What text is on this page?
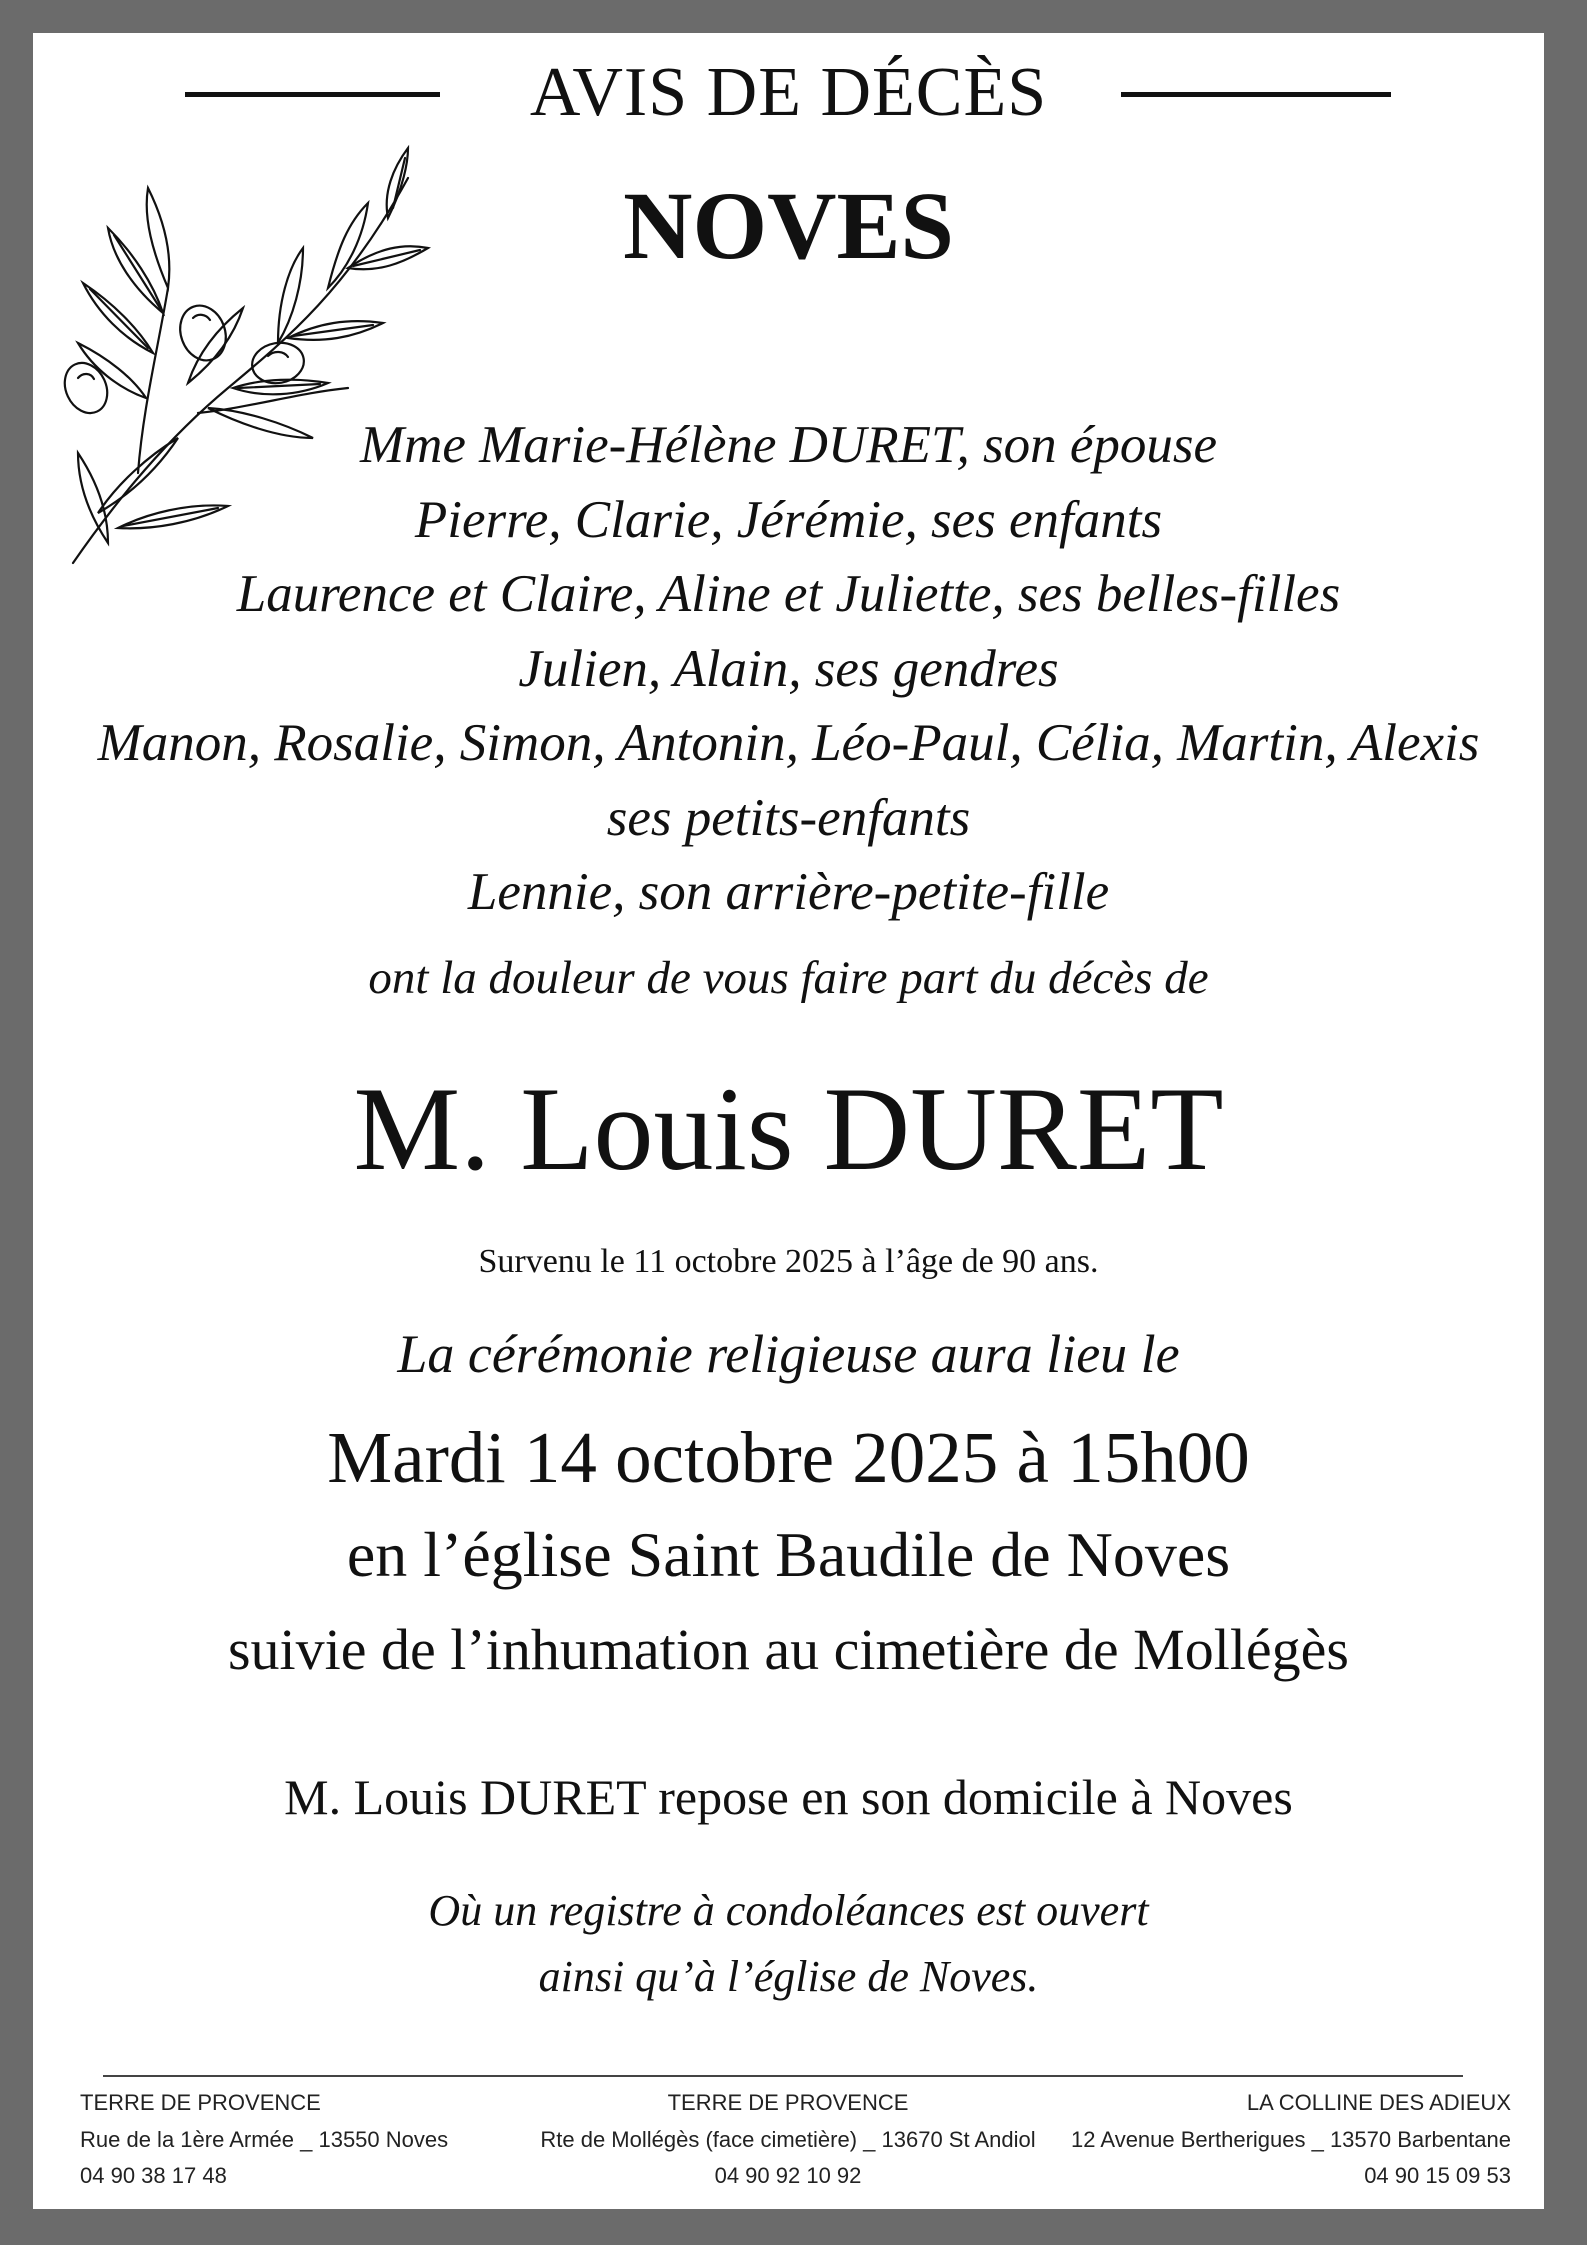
AVIS DE DÉCÈS
NOVES
Mme Marie-Hélène DURET, son épouse
Pierre, Clarie, Jérémie, ses enfants
Laurence et Claire, Aline et Juliette, ses belles-filles
Julien, Alain, ses gendres
Manon, Rosalie, Simon, Antonin, Léo-Paul, Célia, Martin, Alexis
ses petits-enfants
Lennie, son arrière-petite-fille
ont la douleur de vous faire part du décès de
M. Louis DURET
Survenu le 11 octobre 2025 à l’âge de 90 ans.
La cérémonie religieuse aura lieu le
Mardi 14 octobre 2025 à 15h00
en l’église Saint Baudile de Noves
suivie de l’inhumation au cimetière de Mollégès
M. Louis DURET repose en son domicile à Noves
Où un registre à condoléances est ouvert
ainsi qu’à l’église de Noves.
TERRE DE PROVENCE
Rue de la 1ère Armée _ 13550 Noves
04 90 38 17 48
TERRE DE PROVENCE
Rte de Mollégès (face cimetière) _ 13670 St Andiol
04 90 92 10 92
LA COLLINE DES ADIEUX
12 Avenue Bertherigues _ 13570 Barbentane
04 90 15 09 53
